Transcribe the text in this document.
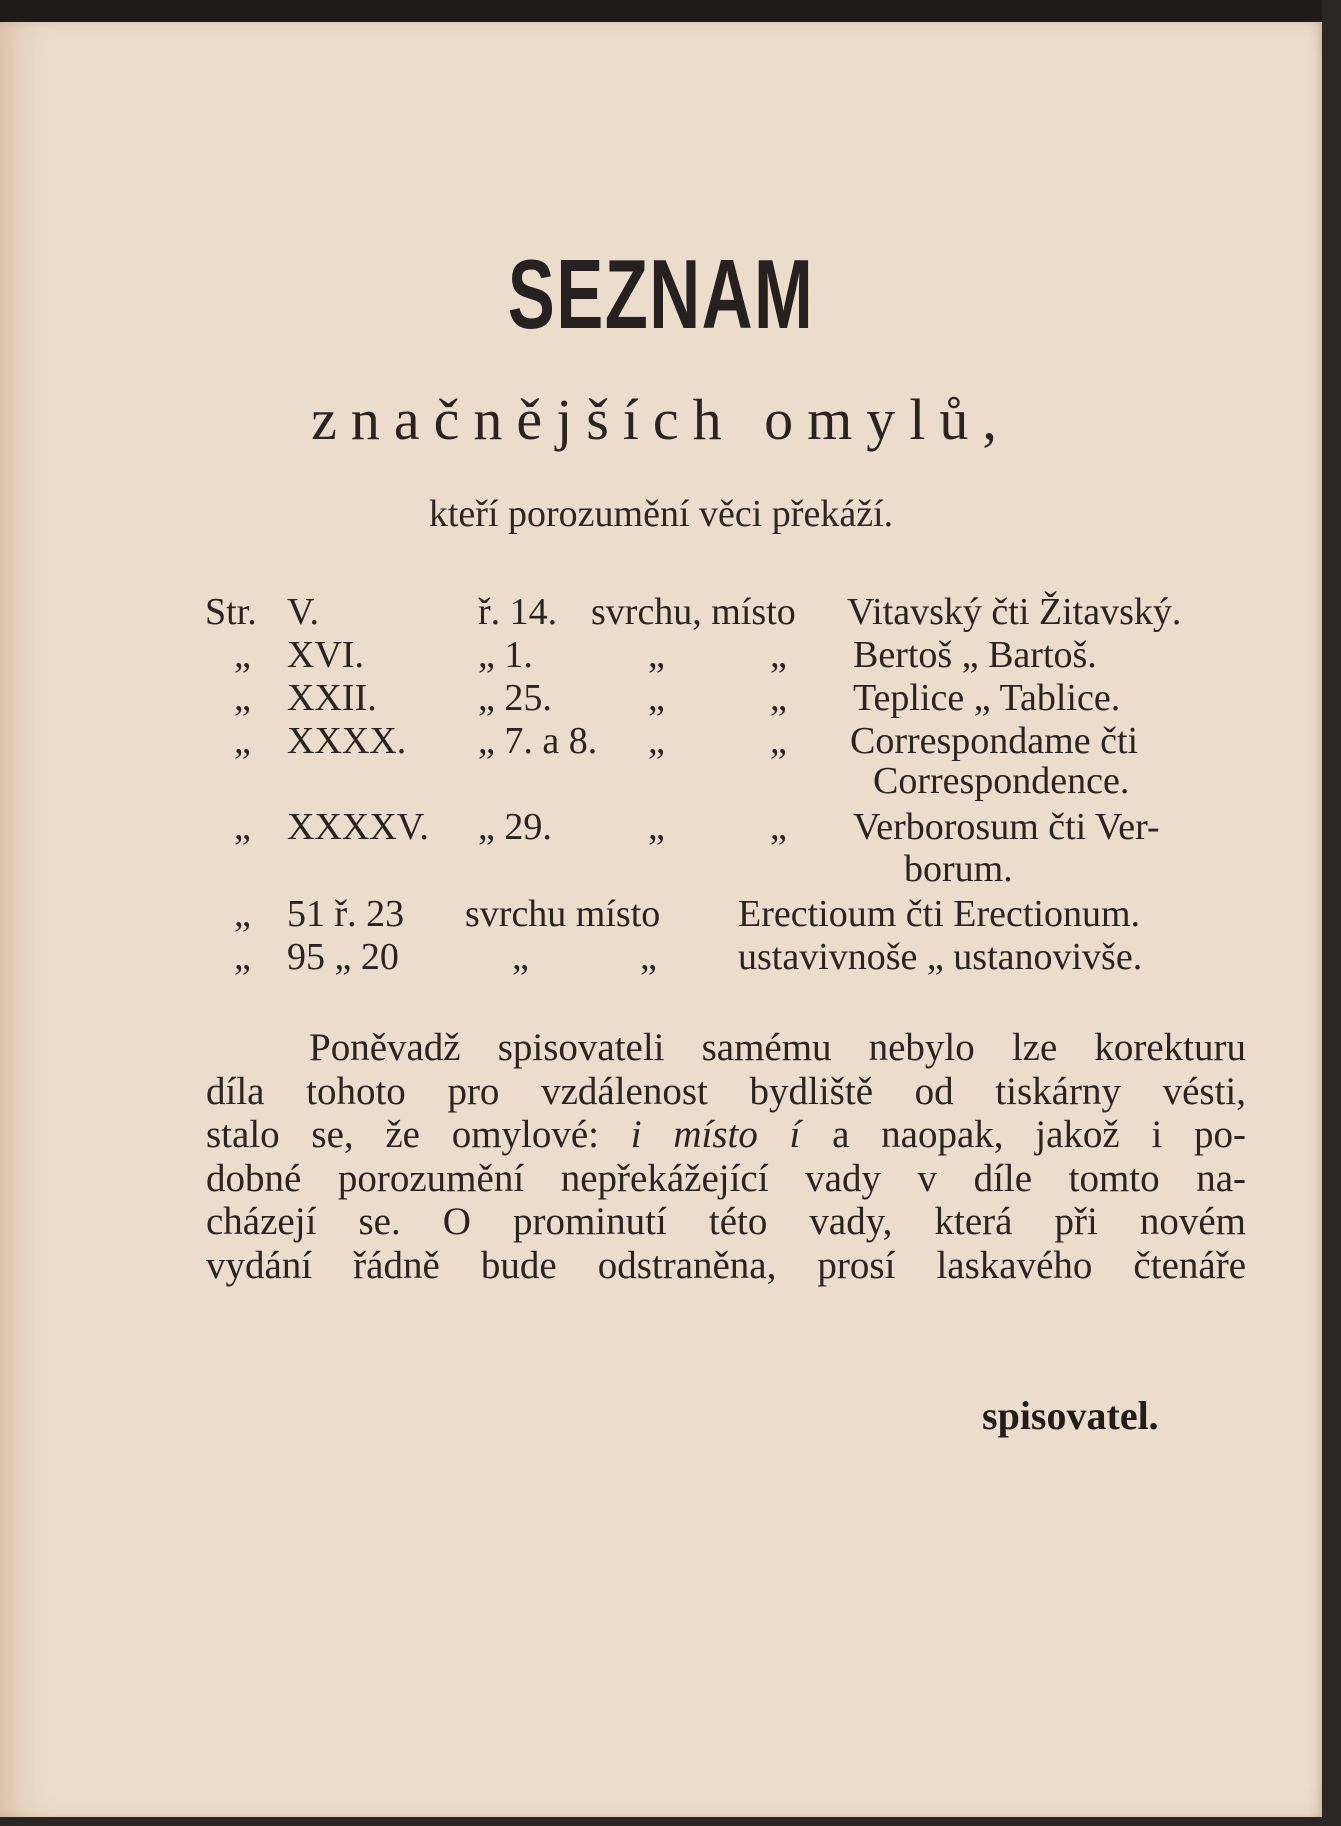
SEZNAM
značnějších omylů,
kteří porozumění věci překáží.
Str. V.	ř. 14. svrchu, místo Vitavský čti Žitavský.
„ XVI.	„ 1.	„	„ Bertoš „ Bartoš.
„ XXII.	„ 25.	„	„ Teplice „ Tablice.
„ XXXX. „ 7. a 8. „	„ Correspondame čti
Correspondence.
„ XXXXV. „ 29.	„	„ Verborosum čti Ver-
borum.
„ 51 ř. 23 svrchu místo Erectioum čti Erectionum.
„ 95 „ 20	„	„ ustavivnoše „ ustanovivše.
Poněvadž spisovateli samému nebylo lze korekturu
díla tohoto pro vzdálenost bydliště od tiskárny vésti,
stalo se, že omylové: i místo í a naopak, jakož i po-
dobné porozumění nepřekážející vady v díle tomto na-
cházejí se. O prominutí této vady, která při novém
vydání řádně bude odstraněna, prosí laskavého čtenáře
spisovatel.
